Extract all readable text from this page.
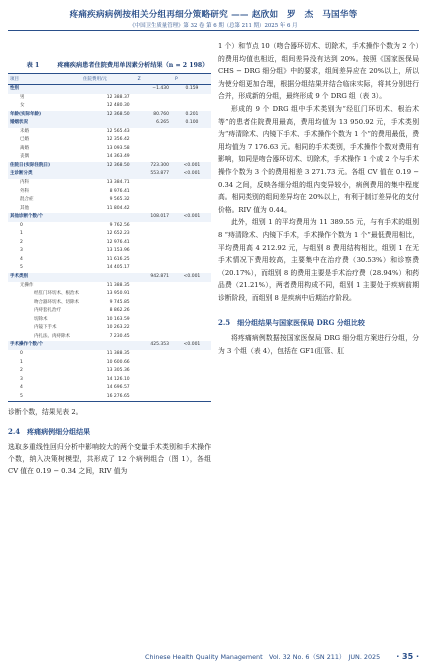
疼痛疾病病例按相关分组再细分策略研究 —— 赵欣如　罗　杰　马国华等
《中国卫生质量管理》第 32 卷 第 6 期（总第 211 期）2025 年 6 月
表 1	疼痛疾病患者住院费用单因素分析结果（n = 2 198）
项目	住院费用/元	Z	P
性别		−1.430	0.159
男	12 388.37		
女	12 480.30		
年龄(实际年龄)	12 368.50	80.760	0.201
婚姻状况		6.265	0.100
未婚	12 565.43		
已婚	12 356.42		
离婚	13 093.58		
丧偶	14 363.49		
住院日(实际住院日)	12 368.50	723.300	<0.001
主诊断分类		553.877	<0.001
内科	13 384.71		
外科	8 976.41		
混合症	9 565.32		
其他	11 804.42		
其他诊断个数/个		108.017	<0.001
0	9 762.56		
1	12 652.23		
2	12 976.41		
3	13 153.96		
4	11 616.25		
5	14 405.17		
手术类别		942.871	<0.001
无操作	11 388.35		
经肛门环切术、根治术	13 950.91		
吻合器环切术、切除术	9 745.85		
内痔套扎治疗	8 862.26		
切除术	10 163.59		
内镜下手术	10 263.22		
内扎法、肉痔除术	7 230.45		
手术操作个数/个		425.353	<0.001
0	11 388.35		
1	10 600.66		
2	13 305.36		
3	14 126.10		
4	14 696.57		
5	16 276.65		
诊断个数，结果见表 2。
2.4　疼痛病例细分组结果
选取多重线性回归分析中影响较大的两个变量手术类别和手术操作个数，纳入决策树模型，共形成了 12 个病例组合（图 1），各组 CV 值在 0.19 − 0.34 之间，RIV 值为
1 个）和节点 10（吻合器环切术、切除术，手术操作个数为 2 个）的费用均值也相近，组间差异没有达到 20%。按照《国家医保局 CHS − DRG 细分组》中的要求，组间差异应在 20%以上，所以为使分组更加合理，根据分组结果并结合临床实际，将其分别进行合并，形成新的分组，最终形成 9 个 DRG 组（表 3）。
形成的 9 个 DRG 组中手术类别为“经肛门环切术、根治术等”的患者住院费用最高，费用均值为 13 950.92 元，手术类别为“痔清除术、内镜下手术、手术操作个数为 1 个”的费用最低，费用均值为 7 176.63 元。相同的手术类别，手术操作个数对费用有影响，如同是吻合器环切术、切除术，手术操作 1 个或 2 个与手术操作个数为 3 个的费用相差 3 271.73 元。各组 CV 值在 0.19 − 0.34 之间，反映各细分组的组内变异较小，病例费用的集中程度高。相同类别的组间差异均在 20%以上，有利于制订差异化的支付价格。RIV 值为 0.44。
此外，组别 1 的平均费用为 11 389.55 元，与有手术的组别 8 “痔清除术、内镜下手术，手术操作个数为 1 个”最低费用相比，平均费用高 4 212.92 元，与组别 8 费用结构相比，组别 1 在无手术情况下费用较高，主要集中在治疗费（30.53%）和诊察费（20.17%），而组别 8 的费用主要是手术治疗费（28.94%）和药品费（21.21%），两者费用构成不同，组别 1 主要处于疾病前期诊断阶段，而组别 8 是疾病中后期治疗阶段。
2.5　细分组结果与国家医保局 DRG 分组比较
将疼痛病例数据按国家医保局 DRG 细分组方案进行分组，分为 3 个组（表 4），包括在 GF1(肛管、肛
Chinese Health Quality Management　Vol. 32 No. 6（SN 211）　JUN. 2025 · 35 ·
